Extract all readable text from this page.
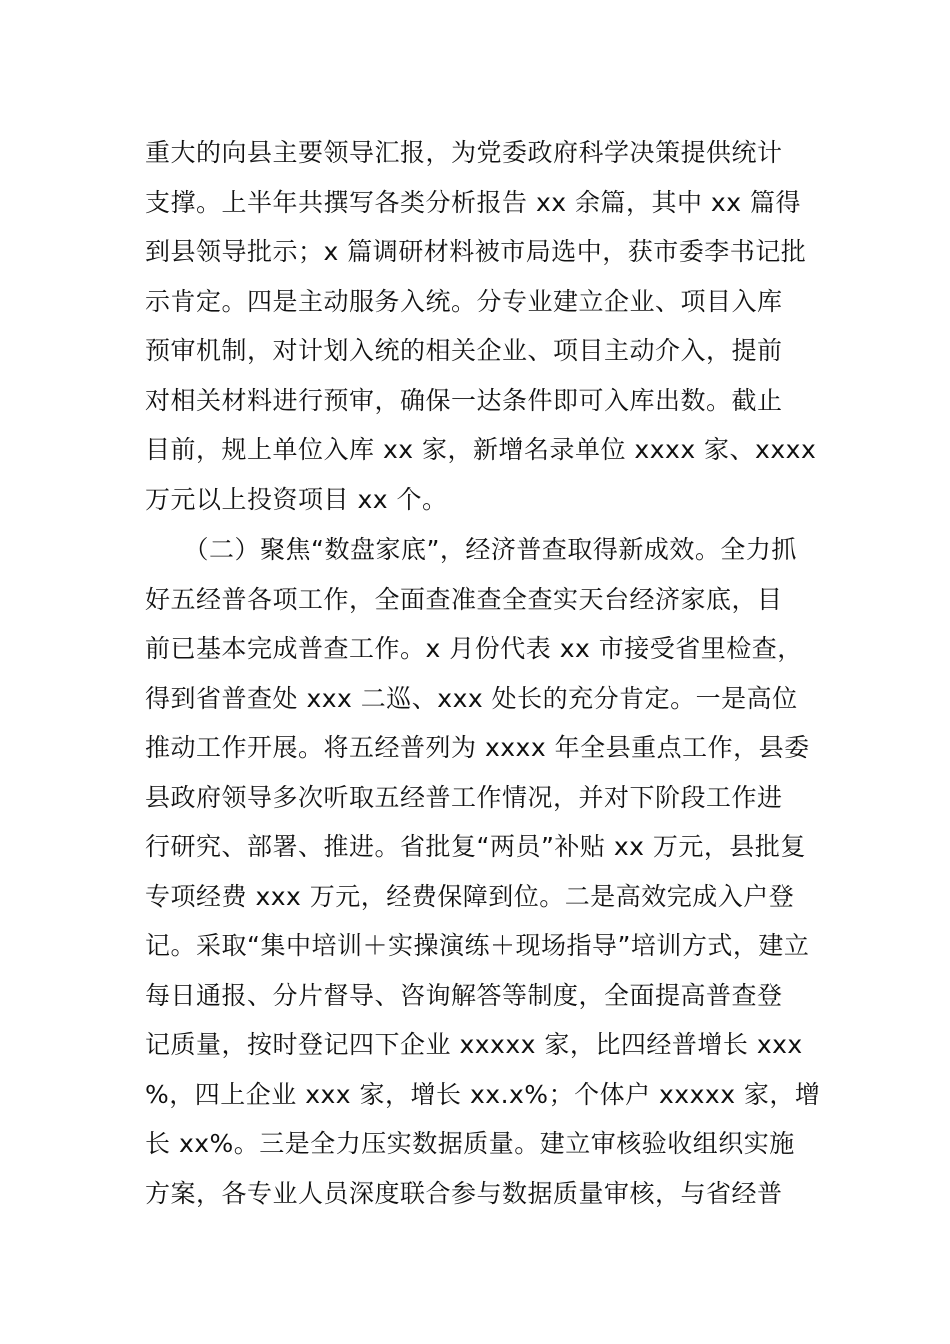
重大的向县主要领导汇报，为党委政府科学决策提供统计
支撑。上半年共撰写各类分析报告 xx 余篇，其中 xx 篇得
到县领导批示；x 篇调研材料被市局选中，获市委李书记批
示肯定。四是主动服务入统。分专业建立企业、项目入库
预审机制，对计划入统的相关企业、项目主动介入，提前
对相关材料进行预审，确保一达条件即可入库出数。截止
目前，规上单位入库 xx 家，新增名录单位 xxxx 家、xxxx
万元以上投资项目 xx 个。
　　（二）聚焦“数盘家底”，经济普查取得新成效。全力抓
好五经普各项工作，全面查准查全查实天台经济家底，目
前已基本完成普查工作。x 月份代表 xx 市接受省里检查，
得到省普查处 xxx 二巡、xxx 处长的充分肯定。一是高位
推动工作开展。将五经普列为 xxxx 年全县重点工作，县委
县政府领导多次听取五经普工作情况，并对下阶段工作进
行研究、部署、推进。省批复“两员”补贴 xx 万元，县批复
专项经费 xxx 万元，经费保障到位。二是高效完成入户登
记。采取“集中培训＋实操演练＋现场指导”培训方式，建立
每日通报、分片督导、咨询解答等制度，全面提高普查登
记质量，按时登记四下企业 xxxxx 家，比四经普增长 xxx
%，四上企业 xxx 家，增长 xx.x%；个体户 xxxxx 家，增
长 xx%。三是全力压实数据质量。建立审核验收组织实施
方案，各专业人员深度联合参与数据质量审核，与省经普
